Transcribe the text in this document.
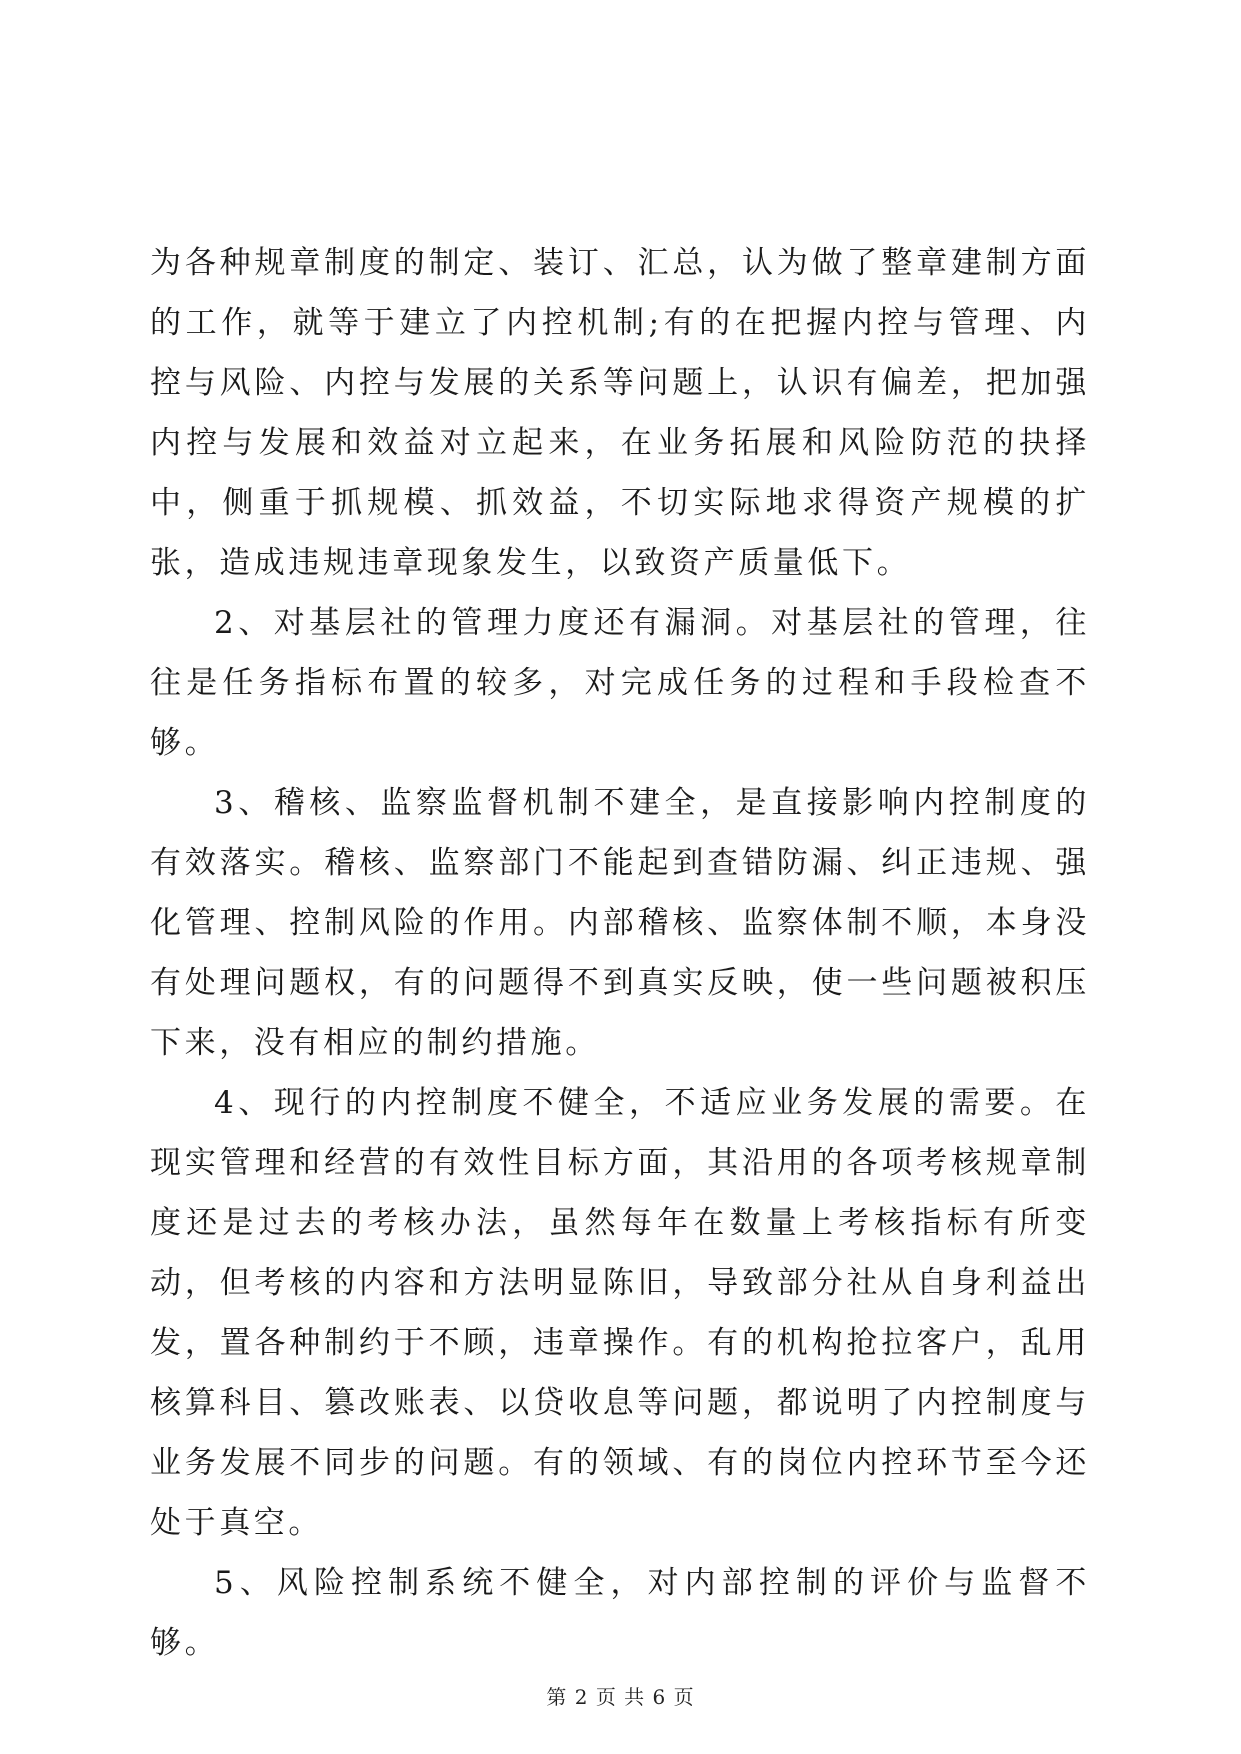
为各种规章制度的制定、装订、汇总，认为做了整章建制方面的工作，就等于建立了内控机制;有的在把握内控与管理、内控与风险、内控与发展的关系等问题上，认识有偏差，把加强内控与发展和效益对立起来，在业务拓展和风险防范的抉择中，侧重于抓规模、抓效益，不切实际地求得资产规模的扩张，造成违规违章现象发生，以致资产质量低下。

2、对基层社的管理力度还有漏洞。对基层社的管理，往往是任务指标布置的较多，对完成任务的过程和手段检查不够。

3、稽核、监察监督机制不建全，是直接影响内控制度的有效落实。稽核、监察部门不能起到查错防漏、纠正违规、强化管理、控制风险的作用。内部稽核、监察体制不顺，本身没有处理问题权，有的问题得不到真实反映，使一些问题被积压下来，没有相应的制约措施。

4、现行的内控制度不健全，不适应业务发展的需要。在现实管理和经营的有效性目标方面，其沿用的各项考核规章制度还是过去的考核办法，虽然每年在数量上考核指标有所变动，但考核的内容和方法明显陈旧，导致部分社从自身利益出发，置各种制约于不顾，违章操作。有的机构抢拉客户，乱用核算科目、篡改账表、以贷收息等问题，都说明了内控制度与业务发展不同步的问题。有的领域、有的岗位内控环节至今还处于真空。

5、风险控制系统不健全，对内部控制的评价与监督不够。

第 2 页 共 6 页
